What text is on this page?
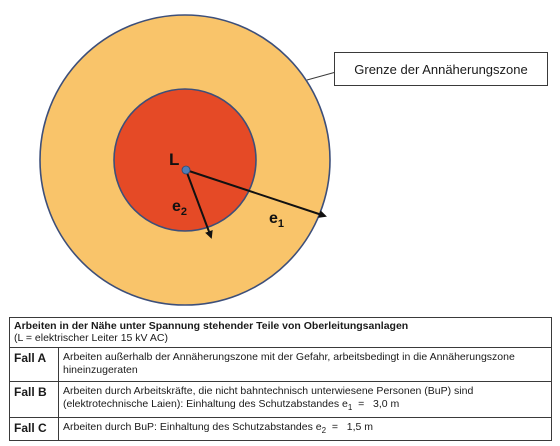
L
$e_2$	$e_1$
Grenze der Annäherungszone
Arbeiten in der Nähe unter Spannung stehender Teile von Oberleitungsanlagen
(L = elektrischer Leiter 15 kV AC)	

Fall A	Arbeiten außerhalb der Annäherungszone mit der Gefahr, arbeitsbedingt in die Annäherungszone
hineinzugeraten
Fall B	Arbeiten durch Arbeitskräfte, die nicht bahntechnisch unterwiesene Personen (BuP) sind
(elektrotechnische Laien): Einhaltung des Schutzabstandes $e_1 = 3,0$ m
Fall C	Arbeiten durch BuP: Einhaltung des Schutzabstandes $e_2 = 1,5$ m
